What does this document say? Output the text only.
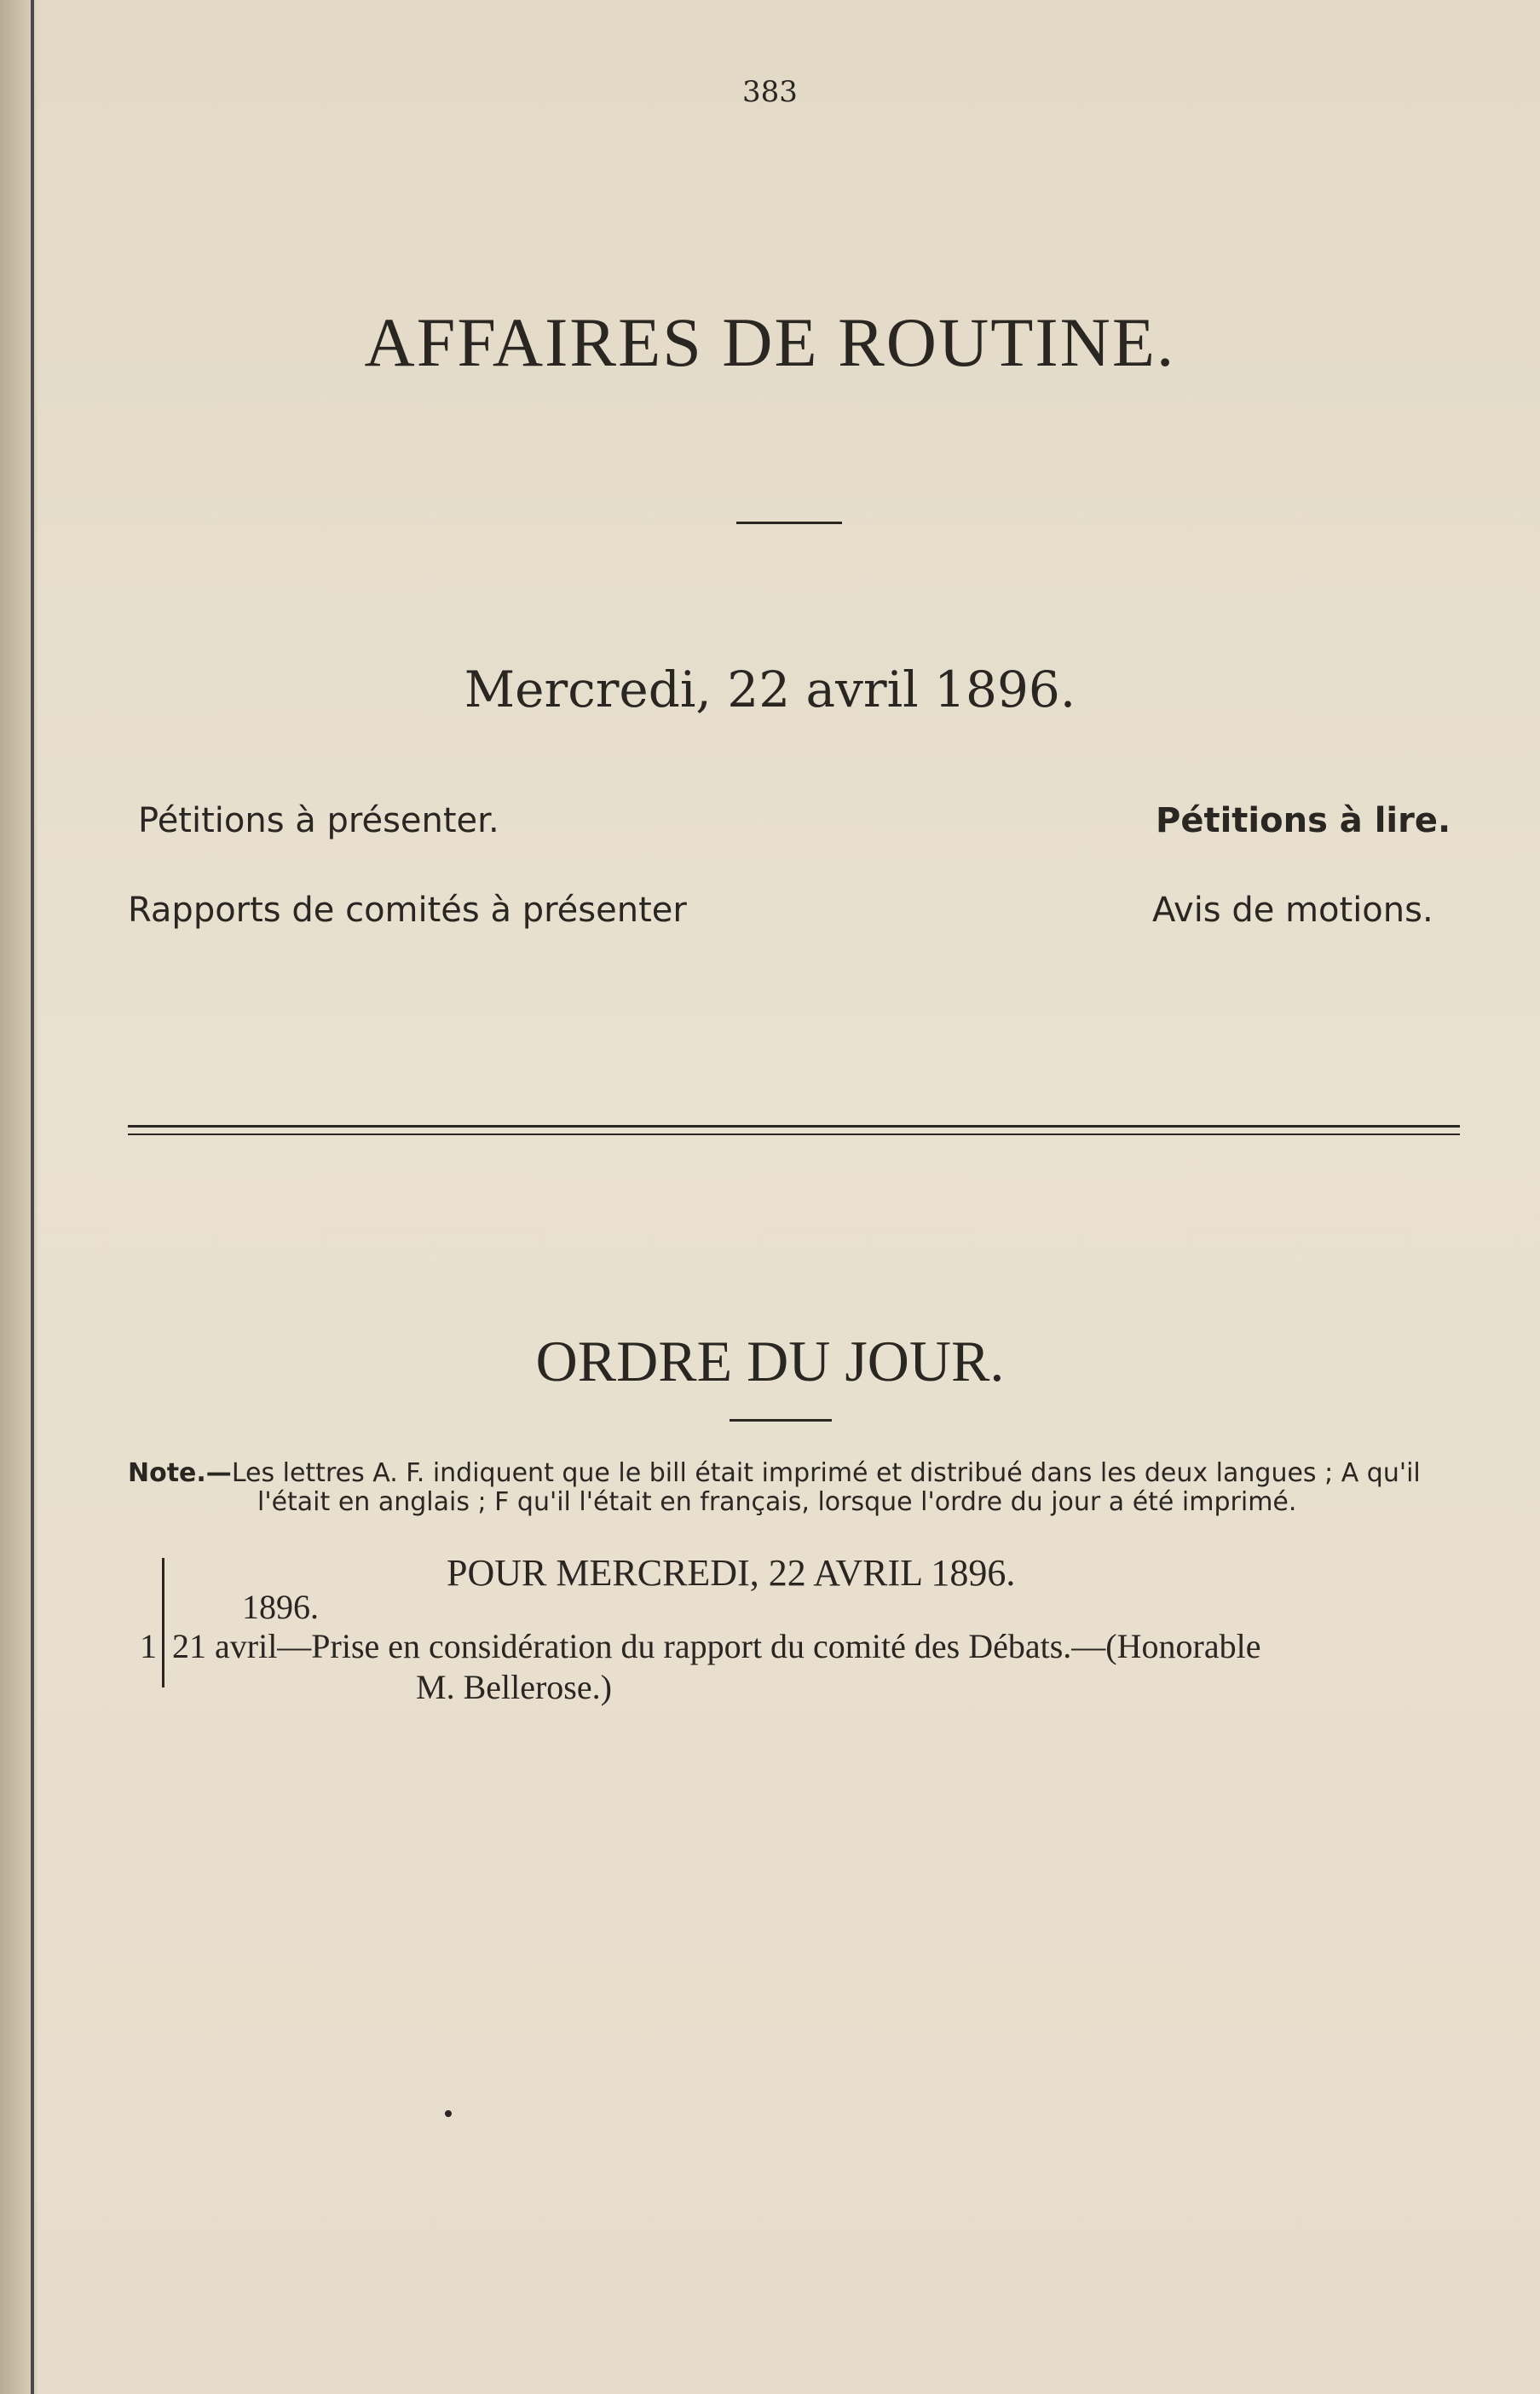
383
AFFAIRES DE ROUTINE.
Mercredi, 22 avril 1896.
Pétitions à présenter.	Pétitions à lire.
Rapports de comités à présenter	Avis de motions.
ORDRE DU JOUR.
Note.—Les lettres A. F. indiquent que le bill était imprimé et distribué dans les deux langues ; A qu'il
l'était en anglais ; F qu'il l'était en français, lorsque l'ordre du jour a été imprimé.
POUR MERCREDI, 22 AVRIL 1896.
1896.
1 21 avril—Prise en considération du rapport du comité des Débats.—(Honorable
M. Bellerose.)
